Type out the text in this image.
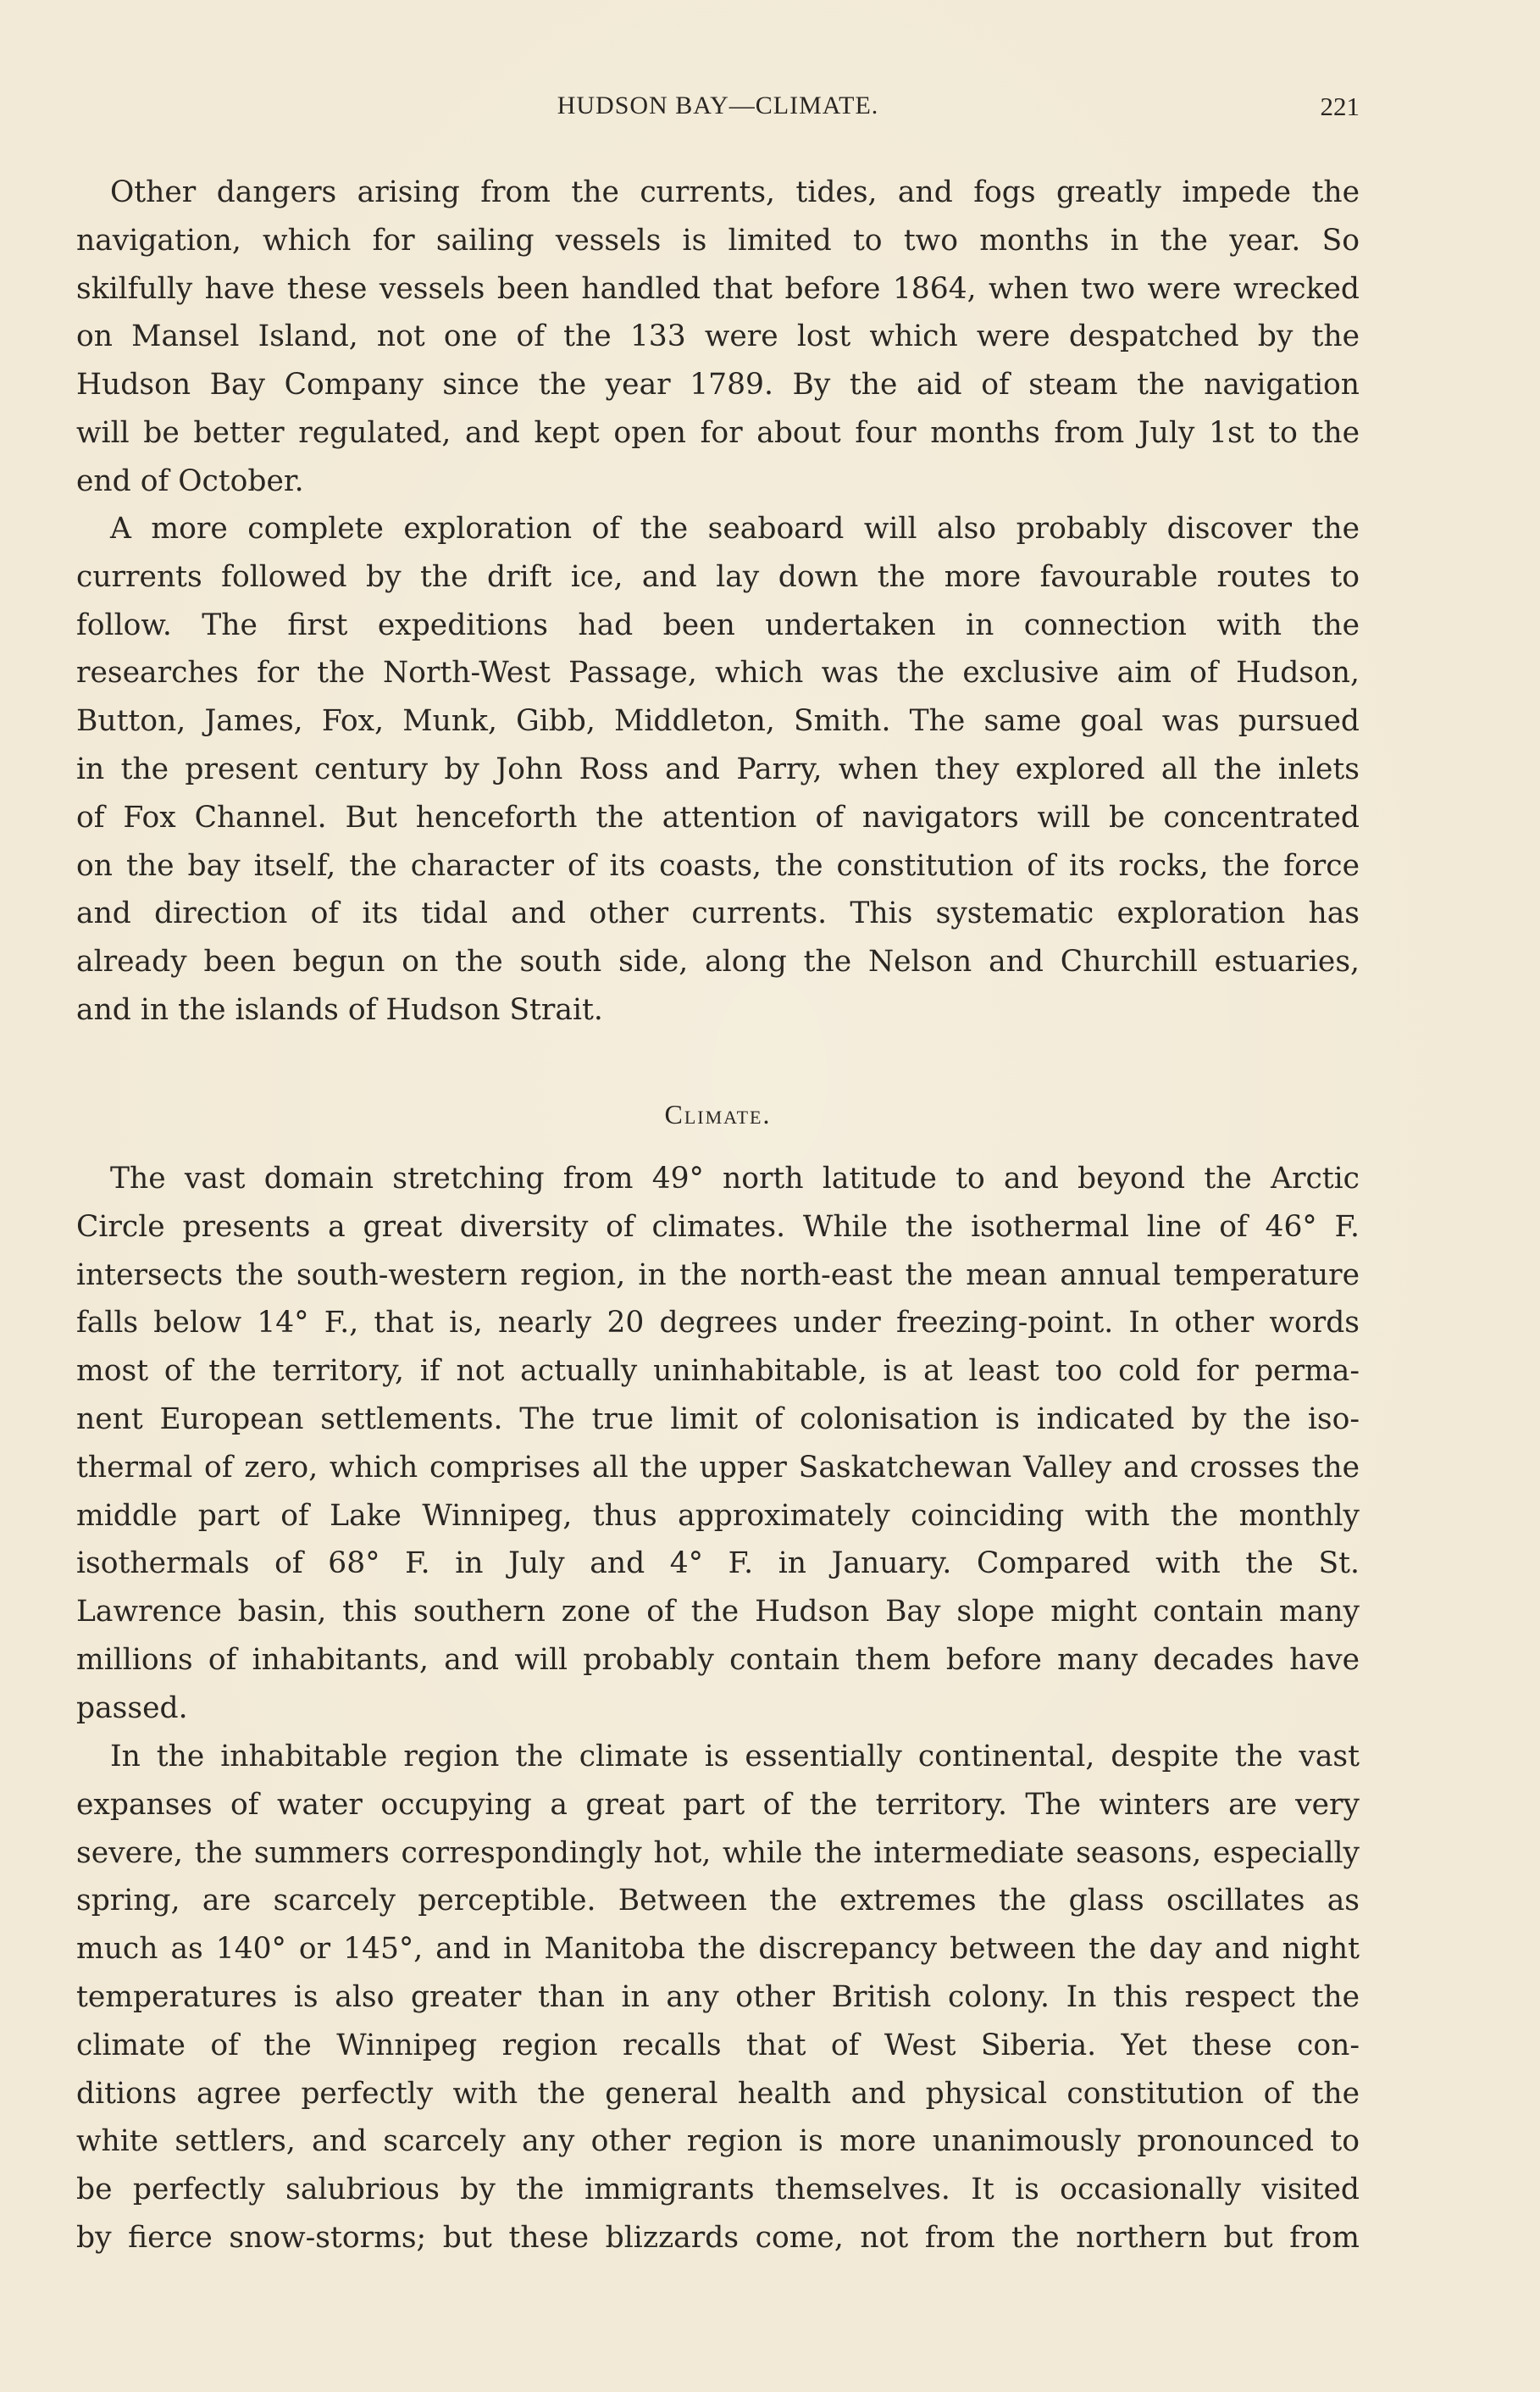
HUDSON BAY—CLIMATE.	221
Other dangers arising from the currents, tides, and fogs greatly impede the
navigation, which for sailing vessels is limited to two months in the year. So
skilfully have these vessels been handled that before 1864, when two were wrecked
on Mansel Island, not one of the 133 were lost which were despatched by the
Hudson Bay Company since the year 1789. By the aid of steam the navigation
will be better regulated, and kept open for about four months from July 1st to the
end of October.
A more complete exploration of the seaboard will also probably discover the
currents followed by the drift ice, and lay down the more favourable routes to
follow. The first expeditions had been undertaken in connection with the
researches for the North-West Passage, which was the exclusive aim of Hudson,
Button, James, Fox, Munk, Gibb, Middleton, Smith. The same goal was pursued
in the present century by John Ross and Parry, when they explored all the inlets
of Fox Channel. But henceforth the attention of navigators will be concentrated
on the bay itself, the character of its coasts, the constitution of its rocks, the force
and direction of its tidal and other currents. This systematic exploration has
already been begun on the south side, along the Nelson and Churchill estuaries,
and in the islands of Hudson Strait.
Climate.
The vast domain stretching from 49° north latitude to and beyond the Arctic
Circle presents a great diversity of climates. While the isothermal line of 46° F.
intersects the south-western region, in the north-east the mean annual temperature
falls below 14° F., that is, nearly 20 degrees under freezing-point. In other words
most of the territory, if not actually uninhabitable, is at least too cold for perma-
nent European settlements. The true limit of colonisation is indicated by the iso-
thermal of zero, which comprises all the upper Saskatchewan Valley and crosses the
middle part of Lake Winnipeg, thus approximately coinciding with the monthly
isothermals of 68° F. in July and 4° F. in January. Compared with the St.
Lawrence basin, this southern zone of the Hudson Bay slope might contain many
millions of inhabitants, and will probably contain them before many decades have
passed.
In the inhabitable region the climate is essentially continental, despite the vast
expanses of water occupying a great part of the territory. The winters are very
severe, the summers correspondingly hot, while the intermediate seasons, especially
spring, are scarcely perceptible. Between the extremes the glass oscillates as
much as 140° or 145°, and in Manitoba the discrepancy between the day and night
temperatures is also greater than in any other British colony. In this respect the
climate of the Winnipeg region recalls that of West Siberia. Yet these con-
ditions agree perfectly with the general health and physical constitution of the
white settlers, and scarcely any other region is more unanimously pronounced to
be perfectly salubrious by the immigrants themselves. It is occasionally visited
by fierce snow-storms; but these blizzards come, not from the northern but from
